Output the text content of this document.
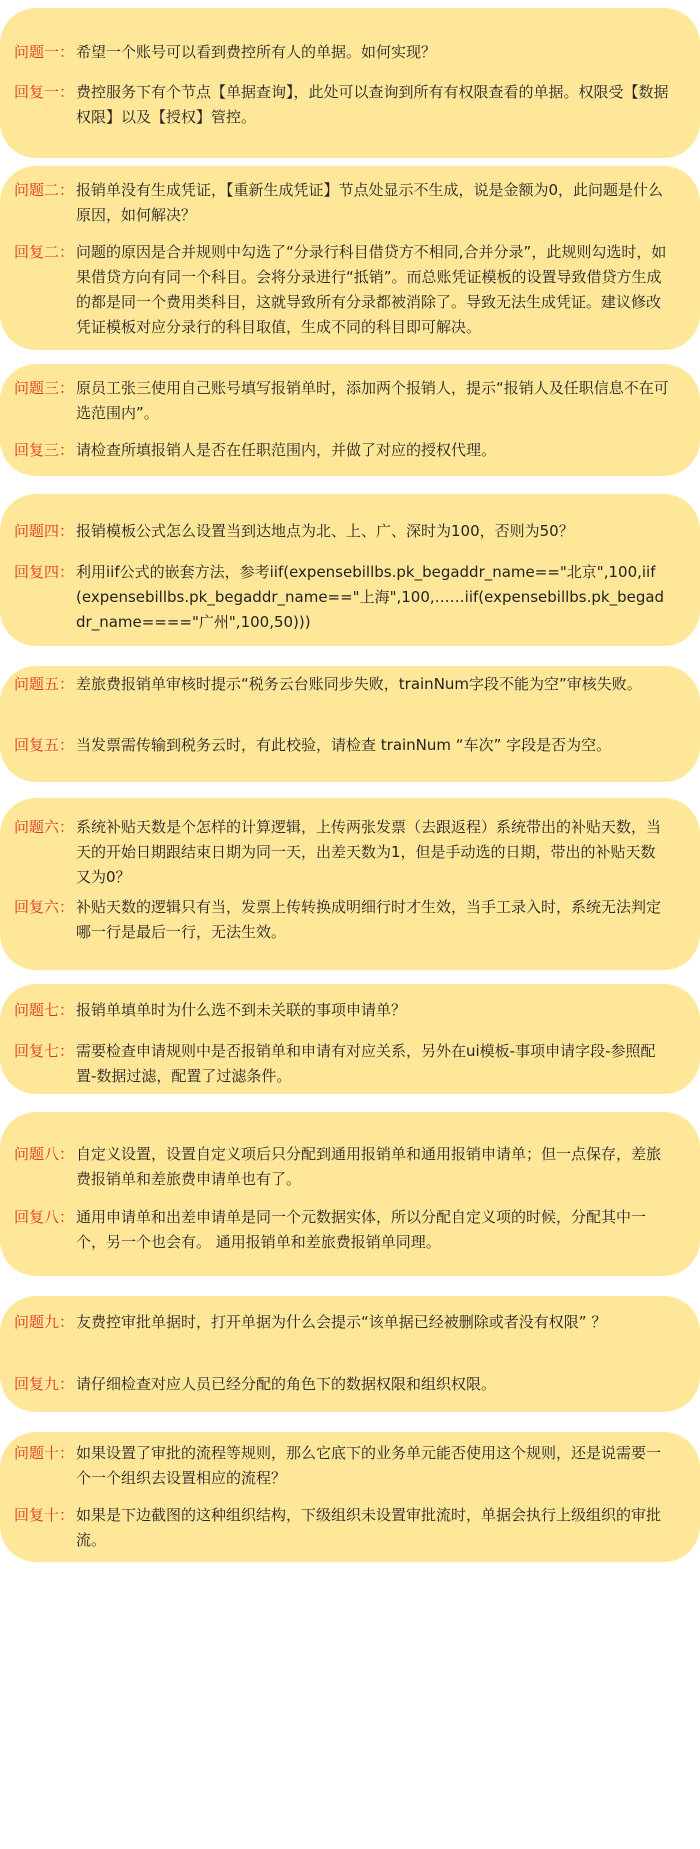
问题一： 希望一个账号可以看到费控所有人的单据。如何实现？
回复一： 费控服务下有个节点【单据查询】，此处可以查询到所有有权限查看的单据。权限受【数据权限】以及【授权】管控。
问题二： 报销单没有生成凭证，【重新生成凭证】节点处显示不生成，说是金额为0，此问题是什么原因，如何解决？
回复二： 问题的原因是合并规则中勾选了“分录行科目借贷方不相同,合并分录”，此规则勾选时，如果借贷方向有同一个科目。会将分录进行“抵销”。而总账凭证模板的设置导致借贷方生成的都是同一个费用类科目，这就导致所有分录都被消除了。导致无法生成凭证。建议修改凭证模板对应分录行的科目取值，生成不同的科目即可解决。
问题三： 原员工张三使用自己账号填写报销单时，添加两个报销人，提示“报销人及任职信息不在可选范围内”。
回复三： 请检查所填报销人是否在任职范围内，并做了对应的授权代理。
问题四： 报销模板公式怎么设置当到达地点为北、上、广、深时为100，否则为50？
回复四： 利用iif公式的嵌套方法，参考iif(expensebillbs.pk_begaddr_name=="北京",100,iif(expensebillbs.pk_begaddr_name=="上海",100,……iif(expensebillbs.pk_begaddr_name===="广州",100,50)))
问题五： 差旅费报销单审核时提示“税务云台账同步失败，trainNum字段不能为空”审核失败。
回复五： 当发票需传输到税务云时，有此校验，请检查 trainNum “车次” 字段是否为空。
问题六： 系统补贴天数是个怎样的计算逻辑，上传两张发票（去跟返程）系统带出的补贴天数，当天的开始日期跟结束日期为同一天，出差天数为1，但是手动选的日期，带出的补贴天数又为0？
回复六： 补贴天数的逻辑只有当，发票上传转换成明细行时才生效，当手工录入时，系统无法判定哪一行是最后一行，无法生效。
问题七： 报销单填单时为什么选不到未关联的事项申请单？
回复七： 需要检查申请规则中是否报销单和申请有对应关系，另外在ui模板-事项申请字段-参照配置-数据过滤，配置了过滤条件。
问题八： 自定义设置，设置自定义项后只分配到通用报销单和通用报销申请单；但一点保存，差旅费报销单和差旅费申请单也有了。
回复八： 通用申请单和出差申请单是同一个元数据实体，所以分配自定义项的时候，分配其中一个，另一个也会有。 通用报销单和差旅费报销单同理。
问题九： 友费控审批单据时，打开单据为什么会提示“该单据已经被删除或者没有权限” ？
回复九： 请仔细检查对应人员已经分配的角色下的数据权限和组织权限。
问题十： 如果设置了审批的流程等规则，那么它底下的业务单元能否使用这个规则，还是说需要一个一个组织去设置相应的流程？
回复十： 如果是下边截图的这种组织结构，下级组织未设置审批流时，单据会执行上级组织的审批流。
